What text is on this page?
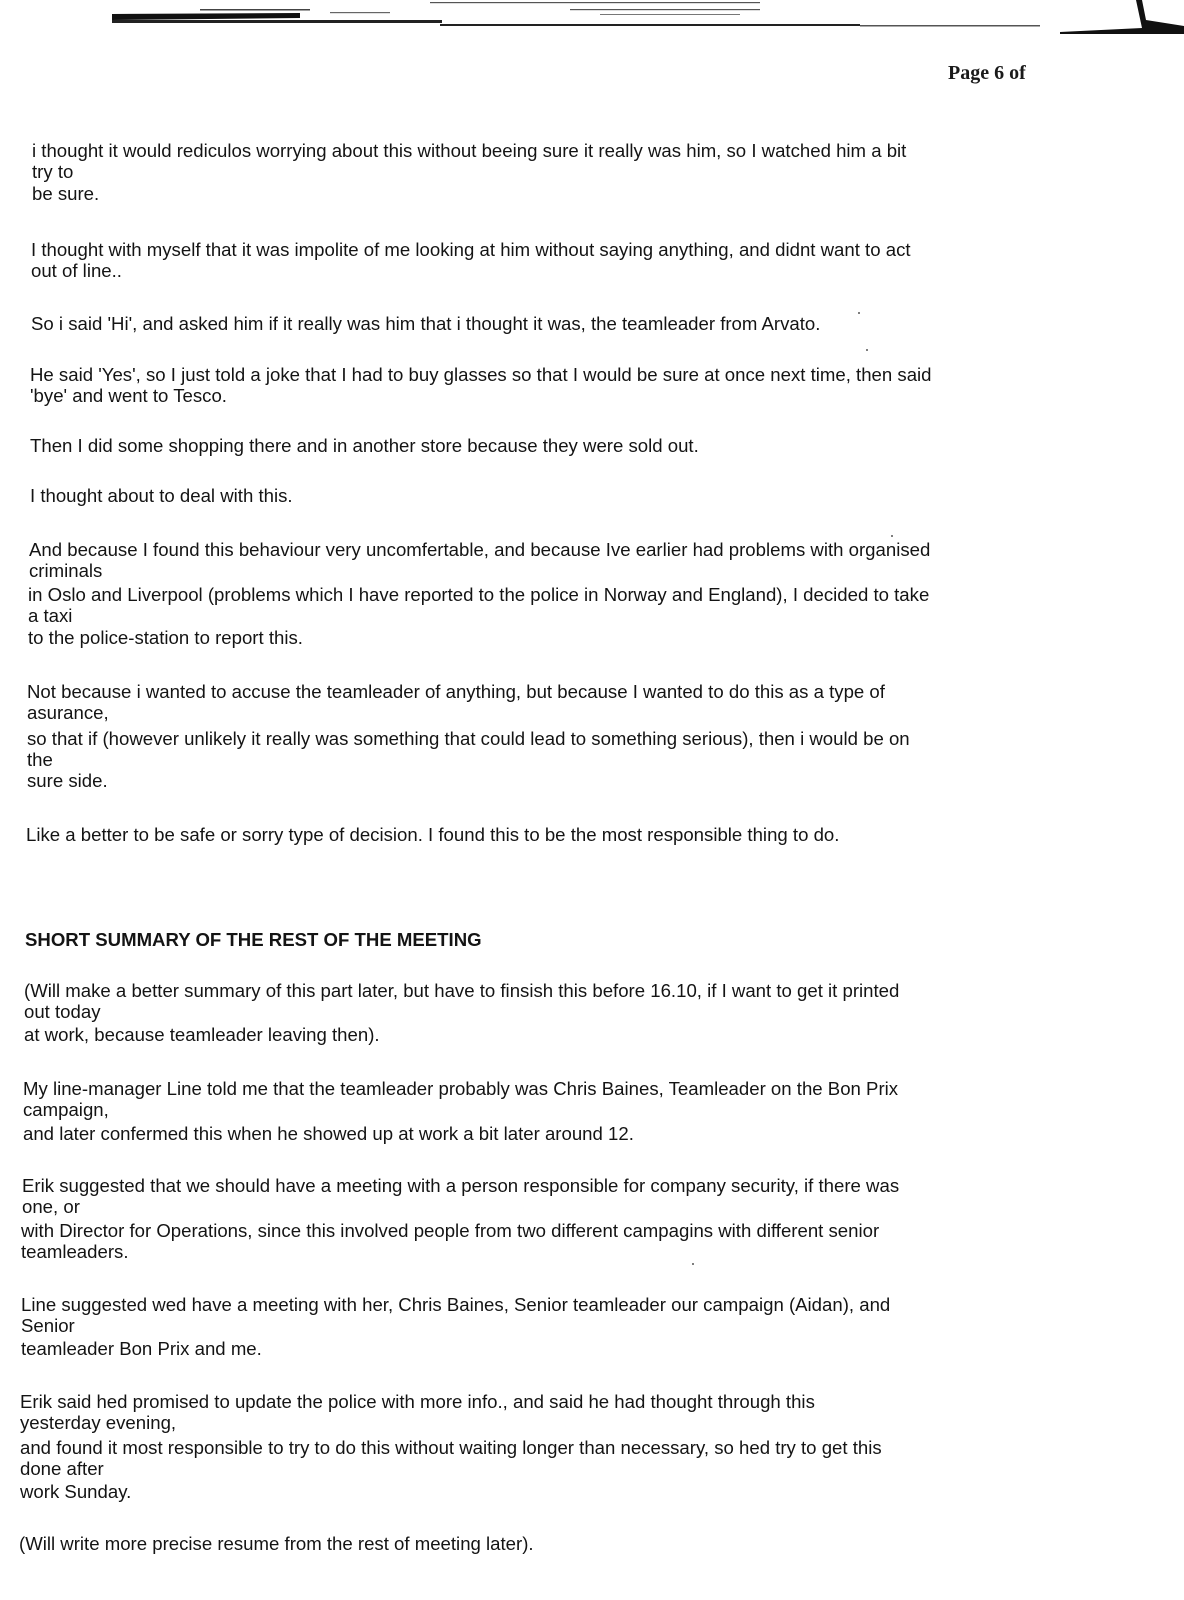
Page 6 of
i thought it would rediculos worrying about this without beeing sure it really was him, so I watched him a bit
try to
be sure.
I thought with myself that it was impolite of me looking at him without saying anything, and didnt want to act
out of line..
So i said 'Hi', and asked him if it really was him that i thought it was, the teamleader from Arvato.
He said 'Yes', so I just told a joke that I had to buy glasses so that I would be sure at once next time, then said
'bye' and went to Tesco.
Then I did some shopping there and in another store because they were sold out.
I thought about to deal with this.
And because I found this behaviour very uncomfertable, and because Ive earlier had problems with organised
criminals
in Oslo and Liverpool (problems which I have reported to the police in Norway and England), I decided to take
a taxi
to the police-station to report this.
Not because i wanted to accuse the teamleader of anything, but because I wanted to do this as a type of
asurance,
so that if (however unlikely it really was something that could lead to something serious), then i would be on
the
sure side.
Like a better to be safe or sorry type of decision. I found this to be the most responsible thing to do.
SHORT SUMMARY OF THE REST OF THE MEETING
(Will make a better summary of this part later, but have to finsish this before 16.10, if I want to get it printed
out today
at work, because teamleader leaving then).
My line-manager Line told me that the teamleader probably was Chris Baines, Teamleader on the Bon Prix
campaign,
and later confermed this when he showed up at work a bit later around 12.
Erik suggested that we should have a meeting with a person responsible for company security, if there was
one, or
with Director for Operations, since this involved people from two different campagins with different senior
teamleaders.
Line suggested wed have a meeting with her, Chris Baines, Senior teamleader our campaign (Aidan), and
Senior
teamleader Bon Prix and me.
Erik said hed promised to update the police with more info., and said he had thought through this
yesterday evening,
and found it most responsible to try to do this without waiting longer than necessary, so hed try to get this
done after
work Sunday.
(Will write more precise resume from the rest of meeting later).
